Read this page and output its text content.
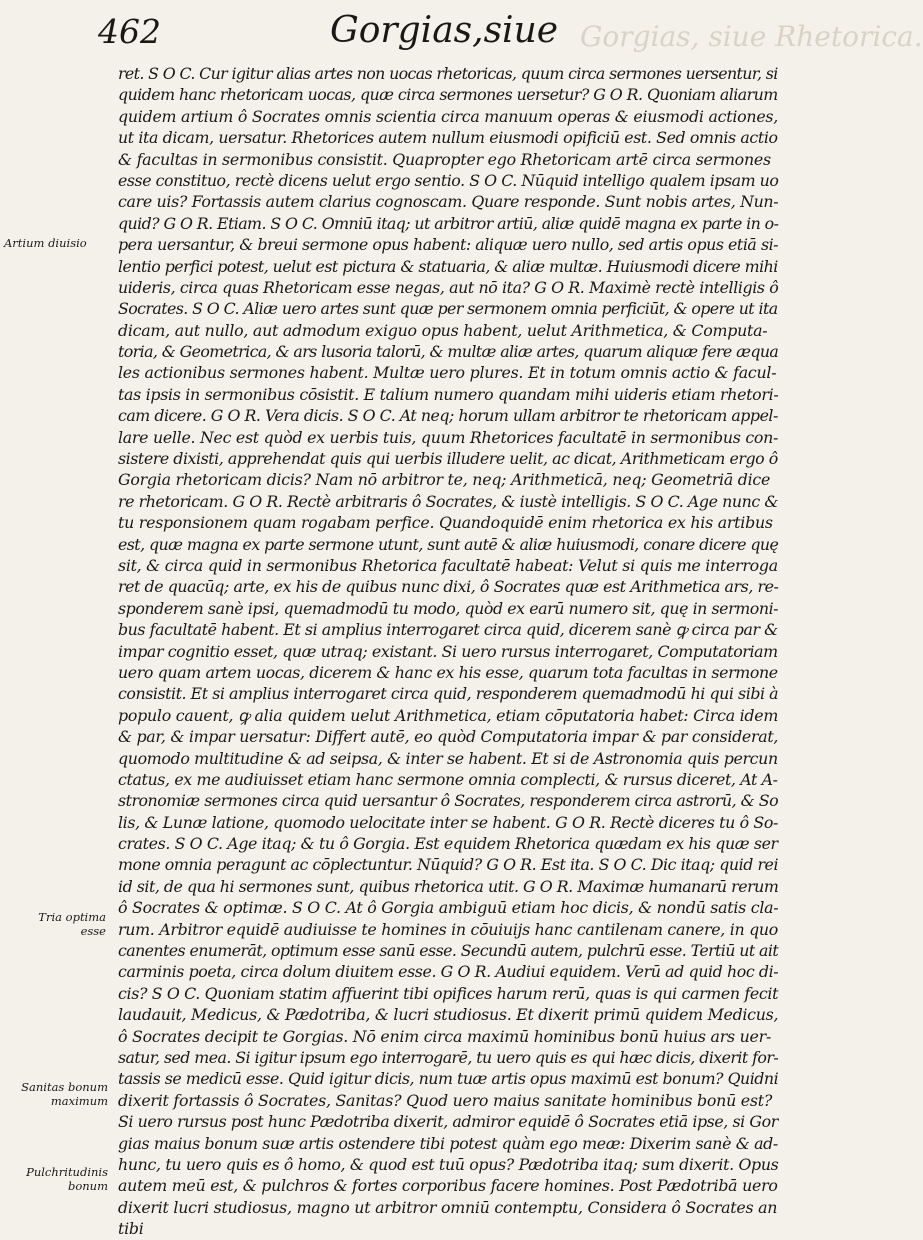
462	Gorgias,siue Gorgias, siue Rhetorica.
Artium diuisio
Tria optima esse
Sanitas bonum maximum
Pulchritudinis bonum
ret. S O C. Cur igitur alias artes non uocas rhetoricas, quum circa sermones uersentur, si
quidem hanc rhetoricam uocas, quæ circa sermones uersetur? G O R. Quoniam aliarum
quidem artium ô Socrates omnis scientia circa manuum operas & eiusmodi actiones,
ut ita dicam, uersatur. Rhetorices autem nullum eiusmodi opificiū est. Sed omnis actio
& facultas in sermonibus consistit. Quapropter ego Rhetoricam artē circa sermones
esse constituo, rectè dicens uelut ergo sentio. S O C. Nūquid intelligo qualem ipsam uo
care uis? Fortassis autem clarius cognoscam. Quare responde. Sunt nobis artes, Nun-
quid? G O R. Etiam. S O C. Omniū itaq; ut arbitror artiū, aliæ quidē magna ex parte in o-
pera uersantur, & breui sermone opus habent: aliquæ uero nullo, sed artis opus etiā si-
lentio perfici potest, uelut est pictura & statuaria, & aliæ multæ. Huiusmodi dicere mihi
uideris, circa quas Rhetoricam esse negas, aut nō ita? G O R. Maximè rectè intelligis ô
Socrates. S O C. Aliæ uero artes sunt quæ per sermonem omnia perficiūt, & opere ut ita
dicam, aut nullo, aut admodum exiguo opus habent, uelut Arithmetica, & Computa-
toria, & Geometrica, & ars lusoria talorū, & multæ aliæ artes, quarum aliquæ fere æqua
les actionibus sermones habent. Multæ uero plures. Et in totum omnis actio & facul-
tas ipsis in sermonibus cōsistit. E talium numero quandam mihi uideris etiam rhetori-
cam dicere. G O R. Vera dicis. S O C. At neq; horum ullam arbitror te rhetoricam appel-
lare uelle. Nec est quòd ex uerbis tuis, quum Rhetorices facultatē in sermonibus con-
sistere dixisti, apprehendat quis qui uerbis illudere uelit, ac dicat, Arithmeticam ergo ô
Gorgia rhetoricam dicis? Nam nō arbitror te, neq; Arithmeticā, neq; Geometriā dice
re rhetoricam. G O R. Rectè arbitraris ô Socrates, & iustè intelligis. S O C. Age nunc &
tu responsionem quam rogabam perfice. Quandoquidē enim rhetorica ex his artibus
est, quæ magna ex parte sermone utunt, sunt autē & aliæ huiusmodi, conare dicere quę
sit, & circa quid in sermonibus Rhetorica facultatē habeat: Velut si quis me interroga
ret de quacūq; arte, ex his de quibus nunc dixi, ô Socrates quæ est Arithmetica ars, re-
sponderem sanè ipsi, quemadmodū tu modo, quòd ex earū numero sit, quę in sermoni-
bus facultatē habent. Et si amplius interrogaret circa quid, dicerem sanè ꝙ circa par &
impar cognitio esset, quæ utraq; existant. Si uero rursus interrogaret, Computatoriam
uero quam artem uocas, dicerem & hanc ex his esse, quarum tota facultas in sermone
consistit. Et si amplius interrogaret circa quid, responderem quemadmodū hi qui sibi à
populo cauent, ꝙ alia quidem uelut Arithmetica, etiam cōputatoria habet: Circa idem
& par, & impar uersatur: Differt autē, eo quòd Computatoria impar & par considerat,
quomodo multitudine & ad seipsa, & inter se habent. Et si de Astronomia quis percun
ctatus, ex me audiuisset etiam hanc sermone omnia complecti, & rursus diceret, At A-
stronomiæ sermones circa quid uersantur ô Socrates, responderem circa astrorū, & So
lis, & Lunæ latione, quomodo uelocitate inter se habent. G O R. Rectè diceres tu ô So-
crates. S O C. Age itaq; & tu ô Gorgia. Est equidem Rhetorica quædam ex his quæ ser
mone omnia peragunt ac cōplectuntur. Nūquid? G O R. Est ita. S O C. Dic itaq; quid rei
id sit, de qua hi sermones sunt, quibus rhetorica utit. G O R. Maximæ humanarū rerum
ô Socrates & optimæ. S O C. At ô Gorgia ambiguū etiam hoc dicis, & nondū satis cla-
rum. Arbitror equidē audiuisse te homines in cōuiuijs hanc cantilenam canere, in quo
canentes enumerāt, optimum esse sanū esse. Secundū autem, pulchrū esse. Tertiū ut ait
carminis poeta, circa dolum diuitem esse. G O R. Audiui equidem. Verū ad quid hoc di-
cis? S O C. Quoniam statim affuerint tibi opifices harum rerū, quas is qui carmen fecit
laudauit, Medicus, & Pædotriba, & lucri studiosus. Et dixerit primū quidem Medicus,
ô Socrates decipit te Gorgias. Nō enim circa maximū hominibus bonū huius ars uer-
satur, sed mea. Si igitur ipsum ego interrogarē, tu uero quis es qui hæc dicis, dixerit for-
tassis se medicū esse. Quid igitur dicis, num tuæ artis opus maximū est bonum? Quidni
dixerit fortassis ô Socrates, Sanitas? Quod uero maius sanitate hominibus bonū est?
Si uero rursus post hunc Pædotriba dixerit, admiror equidē ô Socrates etiā ipse, si Gor
gias maius bonum suæ artis ostendere tibi potest quàm ego meæ: Dixerim sanè & ad-
hunc, tu uero quis es ô homo, & quod est tuū opus? Pædotriba itaq; sum dixerit. Opus
autem meū est, & pulchros & fortes corporibus facere homines. Post Pædotribā uero
dixerit lucri studiosus, magno ut arbitror omniū contemptu, Considera ô Socrates an
tibi
